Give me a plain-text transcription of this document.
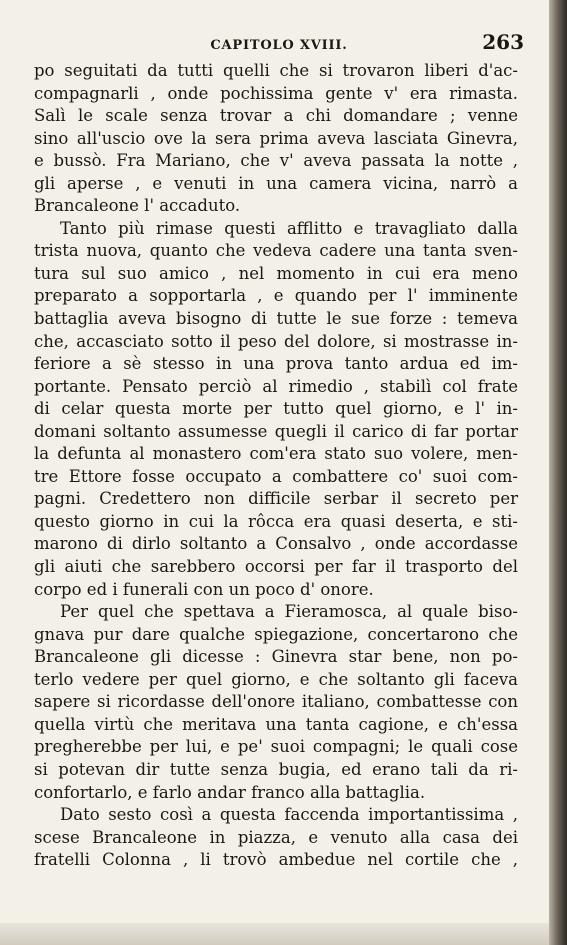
CAPITOLO XVIII.	263
po seguitati da tutti quelli che si trovaron liberi d'ac-
compagnarli , onde pochissima gente v' era rimasta.
Salì le scale senza trovar a chi domandare ; venne
sino all'uscio ove la sera prima aveva lasciata Ginevra,
e bussò. Fra Mariano, che v' aveva passata la notte ,
gli aperse , e venuti in una camera vicina, narrò a
Brancaleone l' accaduto.
Tanto più rimase questi afflitto e travagliato dalla
trista nuova, quanto che vedeva cadere una tanta sven-
tura sul suo amico , nel momento in cui era meno
preparato a sopportarla , e quando per l' imminente
battaglia aveva bisogno di tutte le sue forze : temeva
che, accasciato sotto il peso del dolore, si mostrasse in-
feriore a sè stesso in una prova tanto ardua ed im-
portante. Pensato perciò al rimedio , stabilì col frate
di celar questa morte per tutto quel giorno, e l' in-
domani soltanto assumesse quegli il carico di far portar
la defunta al monastero com'era stato suo volere, men-
tre Ettore fosse occupato a combattere co' suoi com-
pagni. Credettero non difficile serbar il secreto per
questo giorno in cui la rôcca era quasi deserta, e sti-
marono di dirlo soltanto a Consalvo , onde accordasse
gli aiuti che sarebbero occorsi per far il trasporto del
corpo ed i funerali con un poco d' onore.
Per quel che spettava a Fieramosca, al quale biso-
gnava pur dare qualche spiegazione, concertarono che
Brancaleone gli dicesse : Ginevra star bene, non po-
terlo vedere per quel giorno, e che soltanto gli faceva
sapere si ricordasse dell'onore italiano, combattesse con
quella virtù che meritava una tanta cagione, e ch'essa
pregherebbe per lui, e pe' suoi compagni; le quali cose
si potevan dir tutte senza bugia, ed erano tali da ri-
confortarlo, e farlo andar franco alla battaglia.
Dato sesto così a questa faccenda importantissima ,
scese Brancaleone in piazza, e venuto alla casa dei
fratelli Colonna , li trovò ambedue nel cortile che ,
